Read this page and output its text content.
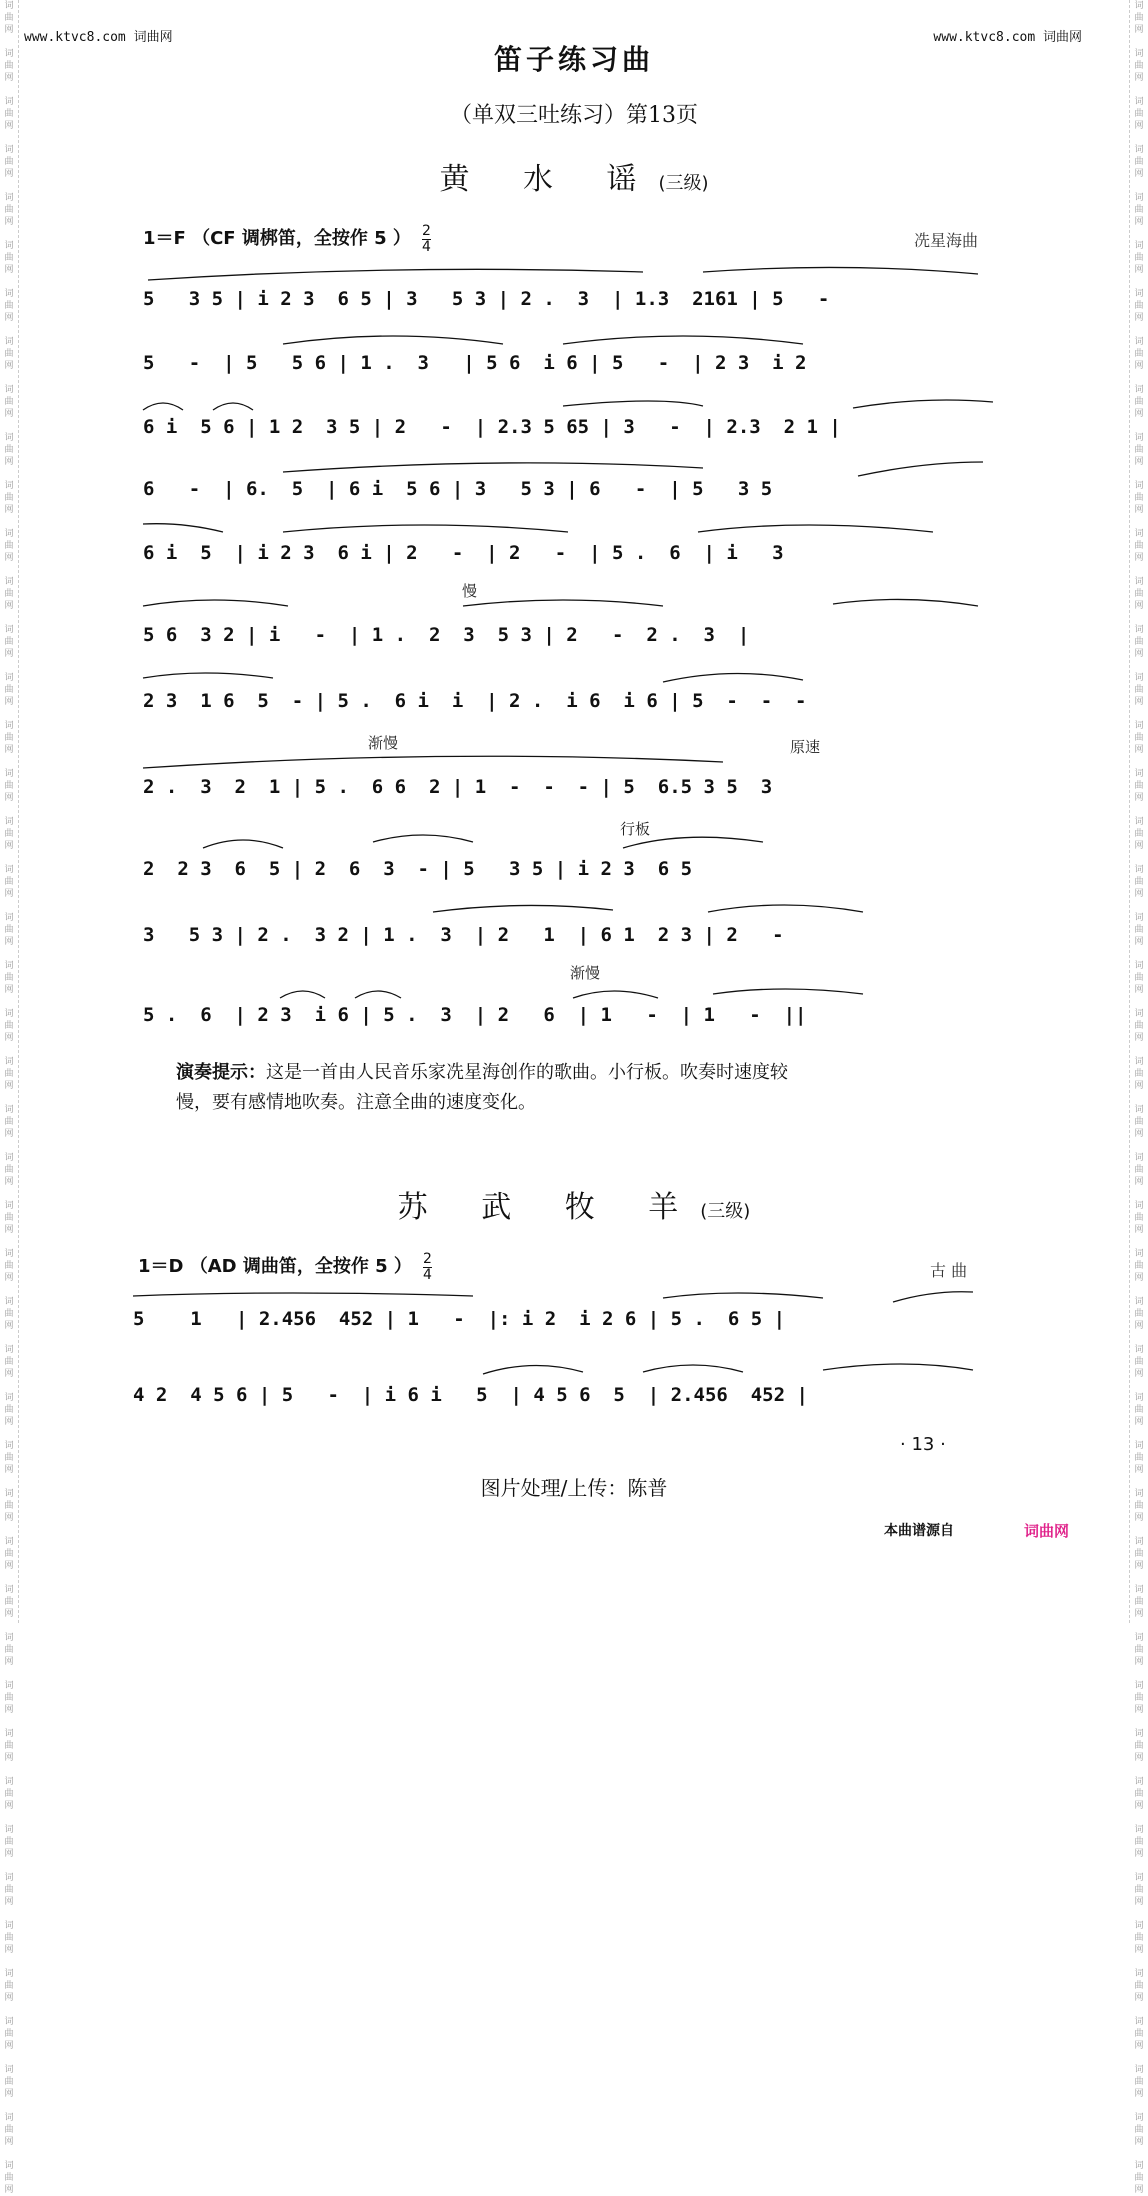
词
曲
网

词
曲
网

词
曲
网

词
曲
网

词
曲
网

词
曲
网

词
曲
网

词
曲
网

词
曲
网

词
曲
网

词
曲
网

词
曲
网

词
曲
网

词
曲
网

词
曲
网

词
曲
网

词
曲
网

词
曲
网

词
曲
网

词
曲
网

词
曲
网

词
曲
网

词
曲
网

词
曲
网

词
曲
网

词
曲
网

词
曲
网

词
曲
网

词
曲
网

词
曲
网

词
曲
网

词
曲
网

词
曲
网

词
曲
网

词
曲
网

词
曲
网

词
曲
网

词
曲
网

词
曲
网

词
曲
网

词
曲
网

词
曲
网

词
曲
网

词
曲
网

词
曲
网

词
曲
网
词
曲
网

词
曲
网

词
曲
网

词
曲
网

词
曲
网

词
曲
网

词
曲
网

词
曲
网

词
曲
网

词
曲
网

词
曲
网

词
曲
网

词
曲
网

词
曲
网

词
曲
网

词
曲
网

词
曲
网

词
曲
网

词
曲
网

词
曲
网

词
曲
网

词
曲
网

词
曲
网

词
曲
网

词
曲
网

词
曲
网

词
曲
网

词
曲
网

词
曲
网

词
曲
网

词
曲
网

词
曲
网

词
曲
网

词
曲
网

词
曲
网

词
曲
网

词
曲
网

词
曲
网

词
曲
网

词
曲
网

词
曲
网

词
曲
网

词
曲
网

词
曲
网

词
曲
网

词
曲
网
www.ktvc8.com 词曲网	www.ktvc8.com 词曲网
笛子练习曲
（单双三吐练习）第13页
黄 水 谣(三级)
1＝F （CF 调梆笛，全按作 5 ） $\frac{2}{4}$	冼星海曲
5   3 5 | i 2 3  6 5 | 3   5 3 | 2 .  3  | 1.3  2161 | 5   -
5   -  | 5   5 6 | 1 .  3   | 5 6  i 6 | 5   -  | 2 3  i 2
6 i  5 6 | 1 2  3 5 | 2   -  | 2.3 5 65 | 3   -  | 2.3  2 1 |
6   -  | 6.  5  | 6 i  5 6 | 3   5 3 | 6   -  | 5   3 5
6 i  5  | i 2 3  6 i | 2   -  | 2   -  | 5 .  6  | i   3
慢
5 6  3 2 | i   -  | 1 .  2  3  5 3 | 2   -  2 .  3  |
2 3  1 6  5  - | 5 .  6 i  i  | 2 .  i 6  i 6 | 5  -  -  -
渐慢	原速
2 .  3  2  1 | 5 .  6 6  2 | 1  -  -  - | 5  6.5 3 5  3
行板
2  2 3  6  5 | 2  6  3  - | 5   3 5 | i 2 3  6 5
3   5 3 | 2 .  3 2 | 1 .  3  | 2   1  | 6 1  2 3 | 2   -
渐慢
5 .  6  | 2 3  i 6 | 5 .  3  | 2   6  | 1   -  | 1   -  ||
演奏提示：这是一首由人民音乐家冼星海创作的歌曲。小行板。吹奏时速度较慢，要有感情地吹奏。注意全曲的速度变化。
苏 武 牧 羊(三级)
1＝D （AD 调曲笛，全按作 5 ） $\frac{2}{4}$	古 曲
5    1   | 2.456  452 | 1   -  |: i 2  i 2 6 | 5 .  6 5 |
4 2  4 5 6 | 5   -  | i 6 i   5  | 4 5 6  5  | 2.456  452 |
· 13 ·
图片处理/上传：陈普
本曲谱源自	词曲网
